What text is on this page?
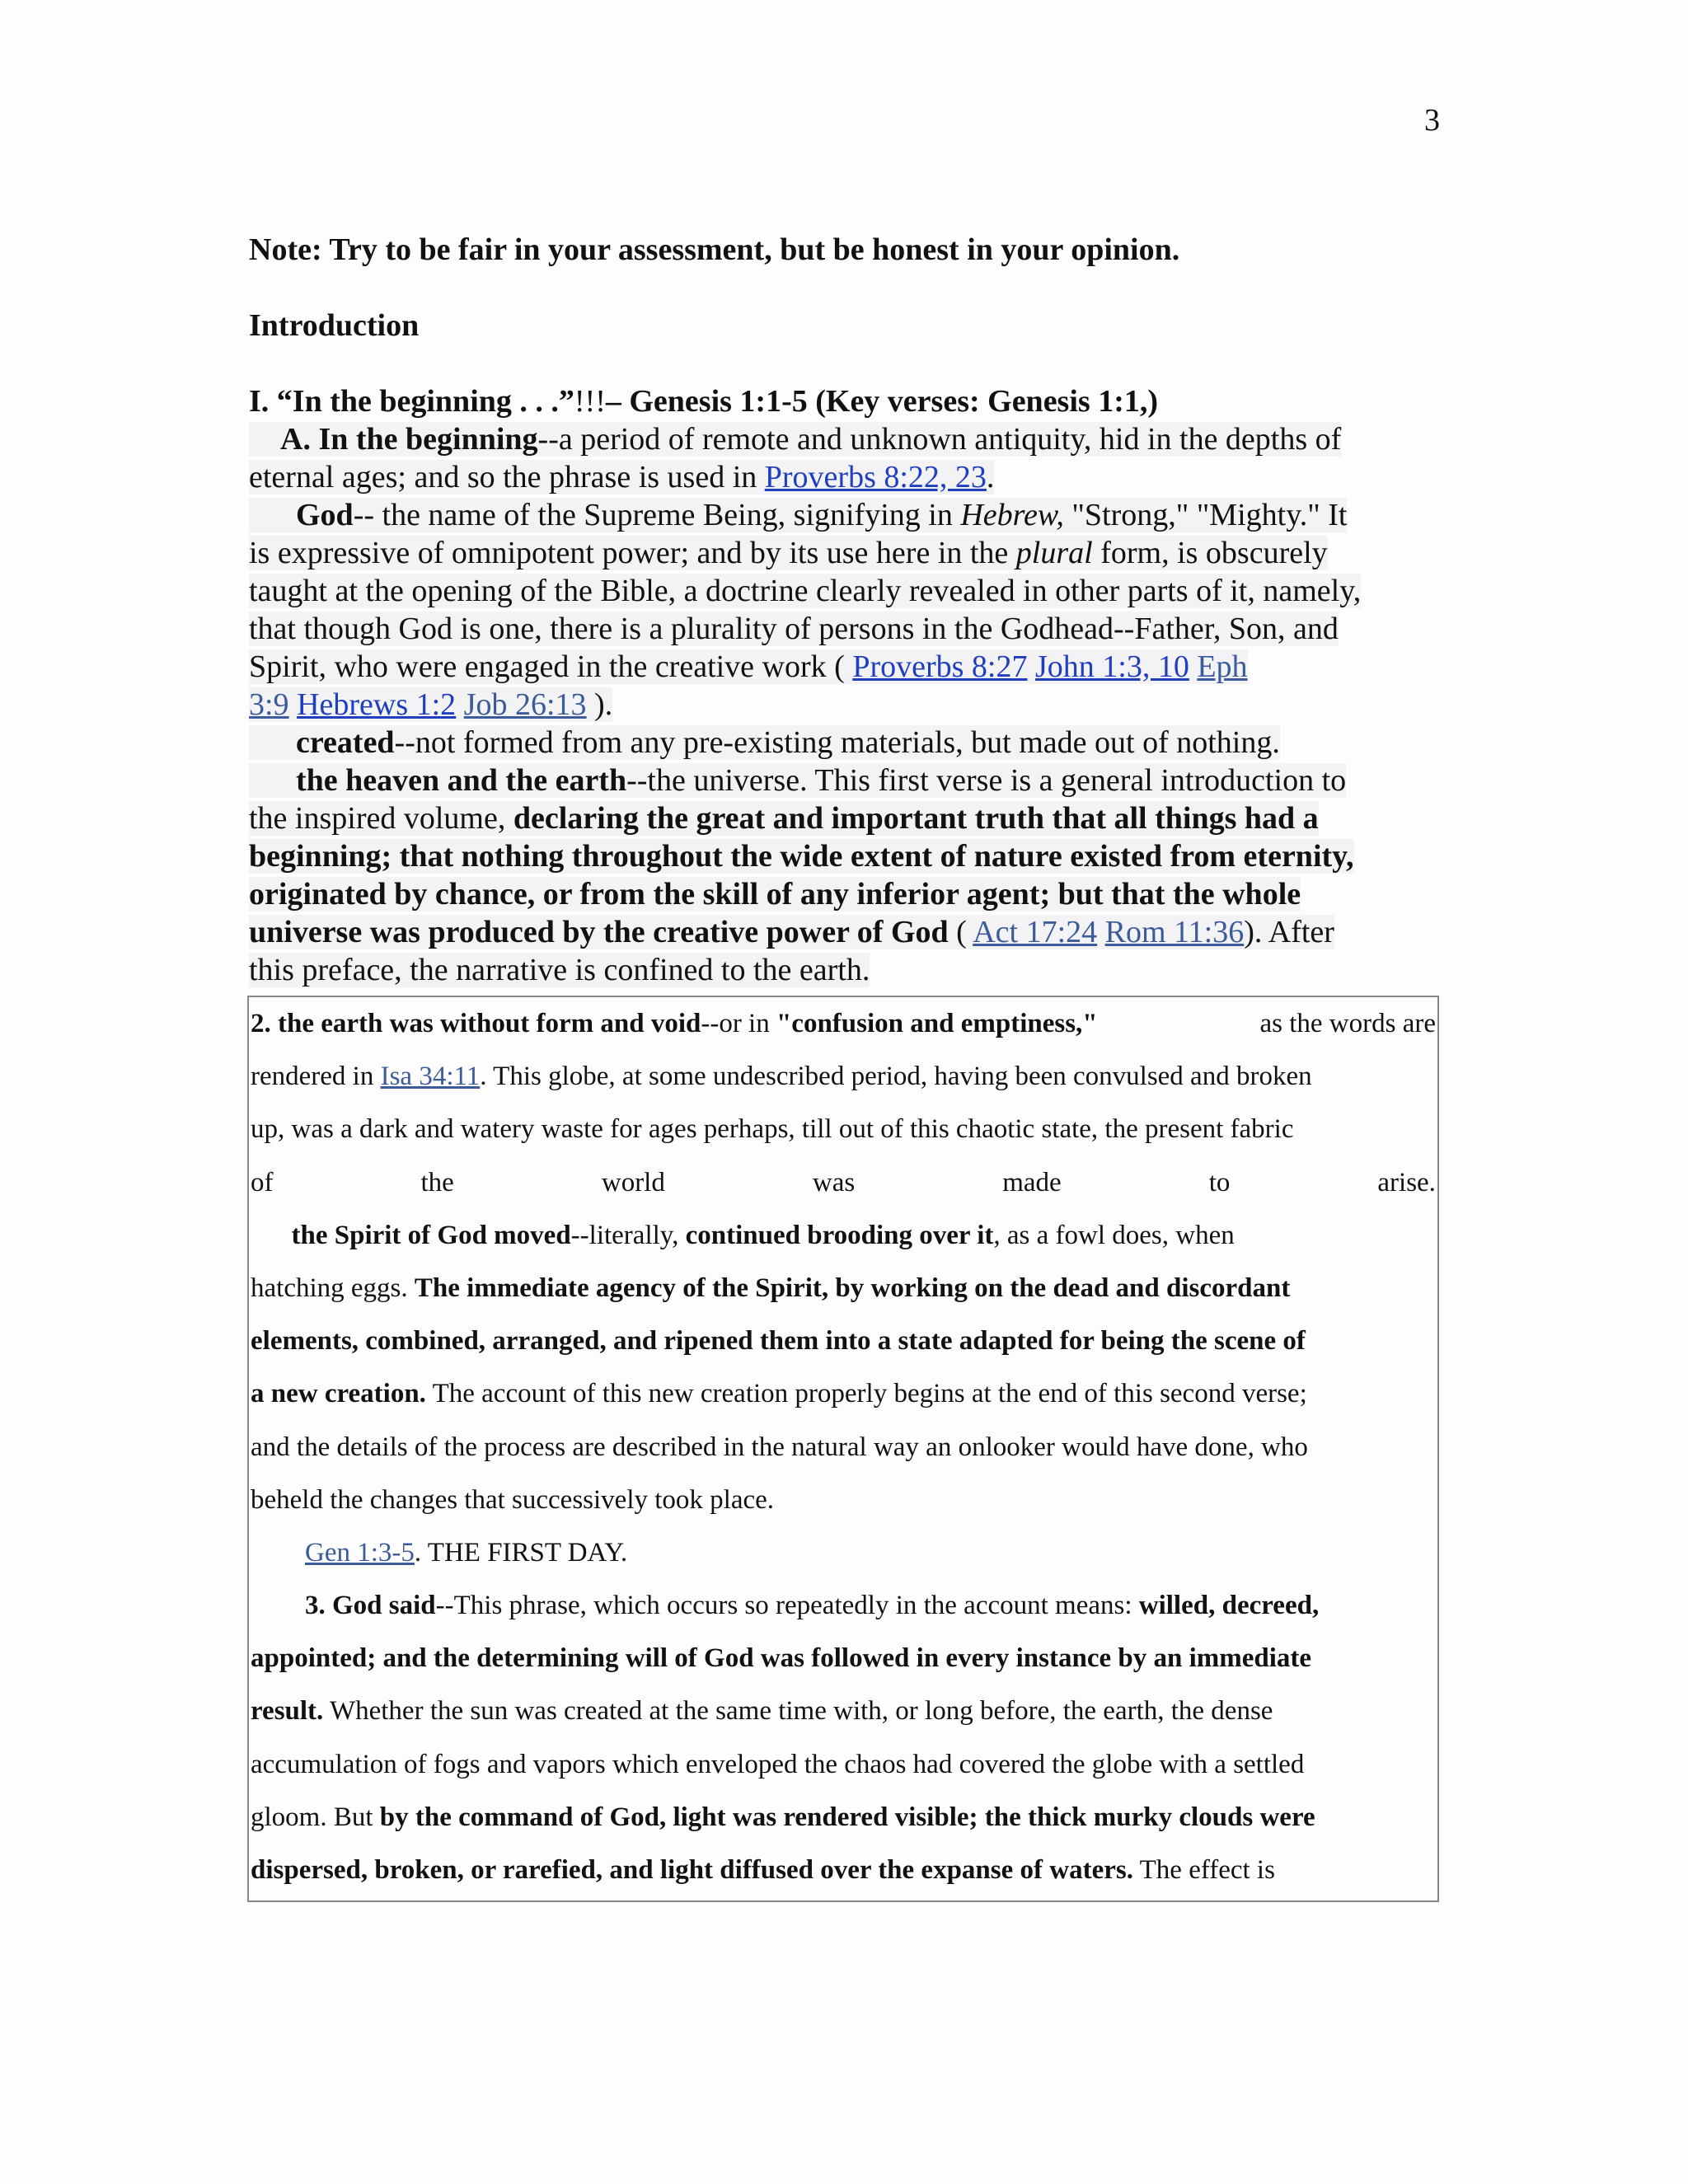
3
Note: Try to be fair in your assessment, but be honest in your opinion.
Introduction
I. “In the beginning . . .”!!!– Genesis 1:1-5 (Key verses: Genesis 1:1,)
A. In the beginning--a period of remote and unknown antiquity, hid in the depths of
eternal ages; and so the phrase is used in Proverbs 8:22, 23.
God-- the name of the Supreme Being, signifying in Hebrew, "Strong," "Mighty." It
is expressive of omnipotent power; and by its use here in the plural form, is obscurely
taught at the opening of the Bible, a doctrine clearly revealed in other parts of it, namely,
that though God is one, there is a plurality of persons in the Godhead--Father, Son, and
Spirit, who were engaged in the creative work ( Proverbs 8:27 John 1:3, 10 Eph
3:9 Hebrews 1:2 Job 26:13 ).
created--not formed from any pre-existing materials, but made out of nothing.
the heaven and the earth--the universe. This first verse is a general introduction to
the inspired volume, declaring the great and important truth that all things had a
beginning; that nothing throughout the wide extent of nature existed from eternity,
originated by chance, or from the skill of any inferior agent; but that the whole
universe was produced by the creative power of God ( Act 17:24 Rom 11:36). After
this preface, the narrative is confined to the earth.
2. the earth was without form and void--or in "confusion and emptiness,"	as the words are
rendered in Isa 34:11. This globe, at some undescribed period, having been convulsed and broken
up, was a dark and watery waste for ages perhaps, till out of this chaotic state, the present fabric
of	the	world	was	made	to	arise.
the Spirit of God moved--literally, continued brooding over it, as a fowl does, when
hatching eggs. The immediate agency of the Spirit, by working on the dead and discordant
elements, combined, arranged, and ripened them into a state adapted for being the scene of
a new creation. The account of this new creation properly begins at the end of this second verse;
and the details of the process are described in the natural way an onlooker would have done, who
beheld the changes that successively took place.
Gen 1:3-5. THE FIRST DAY.
3. God said--This phrase, which occurs so repeatedly in the account means: willed, decreed,
appointed; and the determining will of God was followed in every instance by an immediate
result. Whether the sun was created at the same time with, or long before, the earth, the dense
accumulation of fogs and vapors which enveloped the chaos had covered the globe with a settled
gloom. But by the command of God, light was rendered visible; the thick murky clouds were
dispersed, broken, or rarefied, and light diffused over the expanse of waters. The effect is
